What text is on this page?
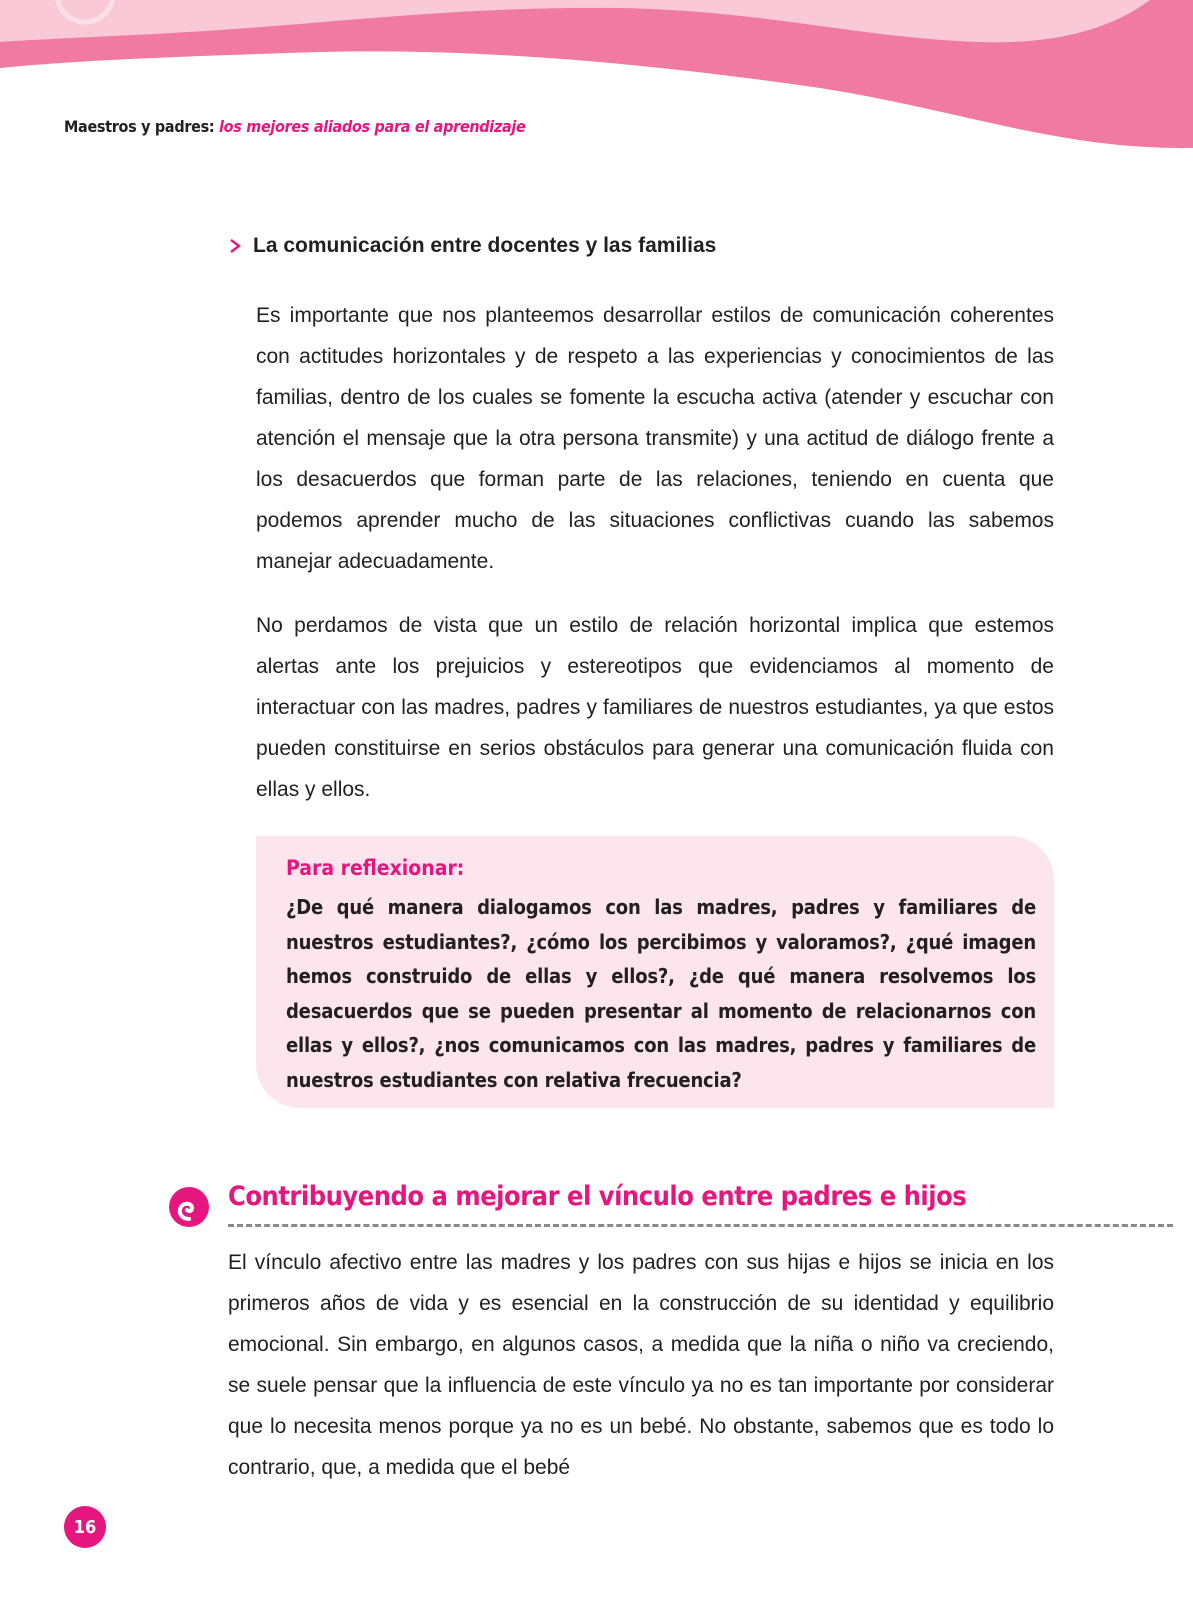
Maestros y padres: los mejores aliados para el aprendizaje
La comunicación entre docentes y las familias

Es importante que nos planteemos desarrollar estilos de comunicación coherentes con actitudes horizontales y de respeto a las experiencias y conocimientos de las familias, dentro de los cuales se fomente la escucha activa (atender y escuchar con atención el mensaje que la otra persona transmite) y una actitud de diálogo frente a los desacuerdos que forman parte de las relaciones, teniendo en cuenta que podemos aprender mucho de las situaciones conflictivas cuando las sabemos manejar adecuadamente.

No perdamos de vista que un estilo de relación horizontal implica que estemos alertas ante los prejuicios y estereotipos que evidenciamos al momento de interactuar con las madres, padres y familiares de nuestros estudiantes, ya que estos pueden constituirse en serios obstáculos para generar una comunicación fluida con ellas y ellos.

Para reflexionar:

¿De qué manera dialogamos con las madres, padres y familiares de nuestros estudiantes?, ¿cómo los percibimos y valoramos?, ¿qué imagen hemos construido de ellas y ellos?, ¿de qué manera resolvemos los desacuerdos que se pueden presentar al momento de relacionarnos con ellas y ellos?, ¿nos comunicamos con las madres, padres y familiares de nuestros estudiantes con relativa frecuencia?

Contribuyendo a mejorar el vínculo entre padres e hijos

El vínculo afectivo entre las madres y los padres con sus hijas e hijos se inicia en los primeros años de vida y es esencial en la construcción de su identidad y equilibrio emocional. Sin embargo, en algunos casos, a medida que la niña o niño va creciendo, se suele pensar que la influencia de este vínculo ya no es tan importante por considerar que lo necesita menos porque ya no es un bebé. No obstante, sabemos que es todo lo contrario, que, a medida que el bebé

16
